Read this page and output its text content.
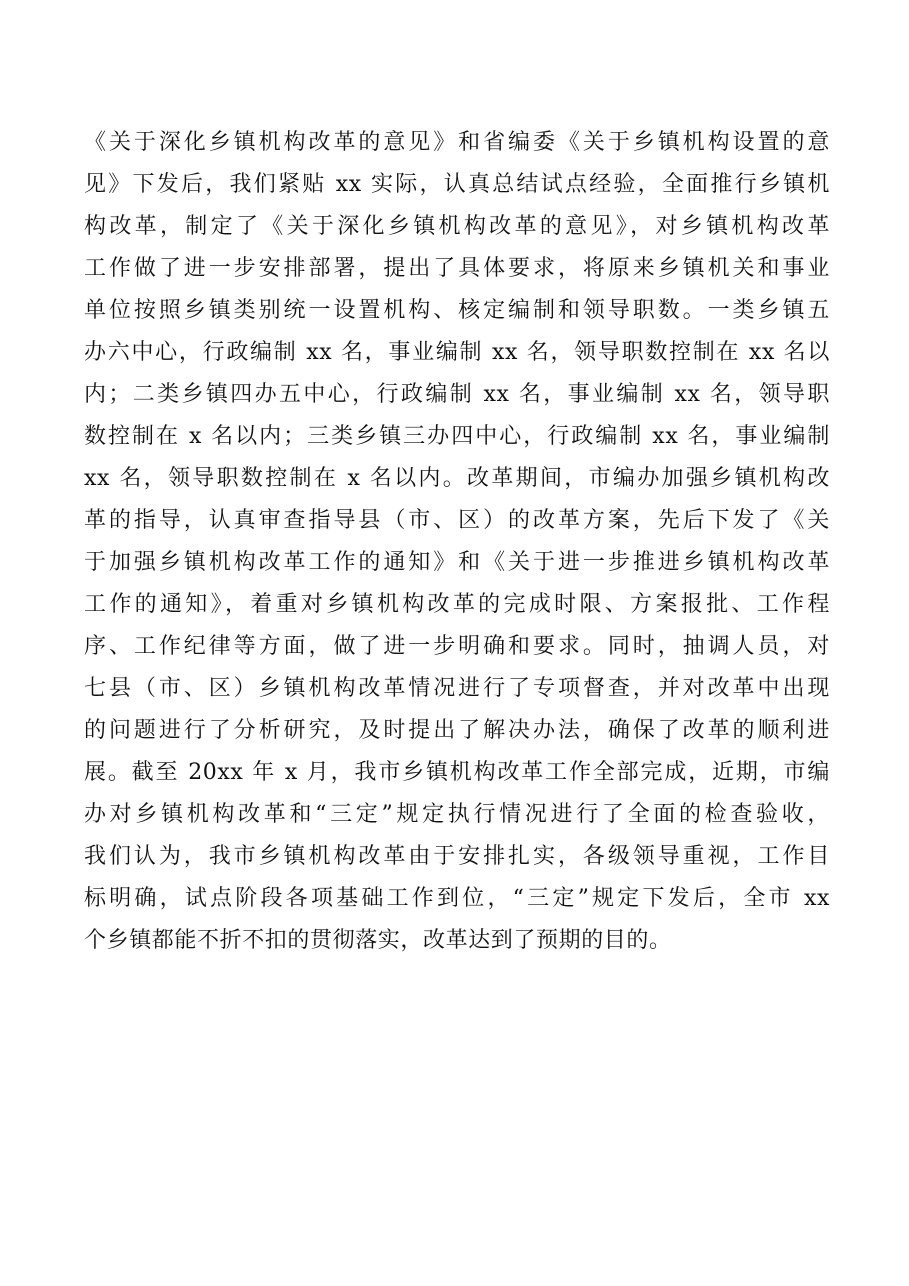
《关于深化乡镇机构改革的意见》和省编委《关于乡镇机构设置的意
见》下发后，我们紧贴 xx 实际，认真总结试点经验，全面推行乡镇机
构改革，制定了《关于深化乡镇机构改革的意见》，对乡镇机构改革
工作做了进一步安排部署，提出了具体要求，将原来乡镇机关和事业
单位按照乡镇类别统一设置机构、核定编制和领导职数。一类乡镇五
办六中心，行政编制 xx 名，事业编制 xx 名，领导职数控制在 xx 名以
内；二类乡镇四办五中心，行政编制 xx 名，事业编制 xx 名，领导职
数控制在 x 名以内；三类乡镇三办四中心，行政编制 xx 名，事业编制
xx 名，领导职数控制在 x 名以内。改革期间，市编办加强乡镇机构改
革的指导，认真审查指导县（市、区）的改革方案，先后下发了《关
于加强乡镇机构改革工作的通知》和《关于进一步推进乡镇机构改革
工作的通知》，着重对乡镇机构改革的完成时限、方案报批、工作程
序、工作纪律等方面，做了进一步明确和要求。同时，抽调人员，对
七县（市、区）乡镇机构改革情况进行了专项督查，并对改革中出现
的问题进行了分析研究，及时提出了解决办法，确保了改革的顺利进
展。截至 20xx 年 x 月，我市乡镇机构改革工作全部完成，近期，市编
办对乡镇机构改革和“三定”规定执行情况进行了全面的检查验收，
我们认为，我市乡镇机构改革由于安排扎实，各级领导重视，工作目
标明确，试点阶段各项基础工作到位，“三定”规定下发后，全市 xx
个乡镇都能不折不扣的贯彻落实，改革达到了预期的目的。
